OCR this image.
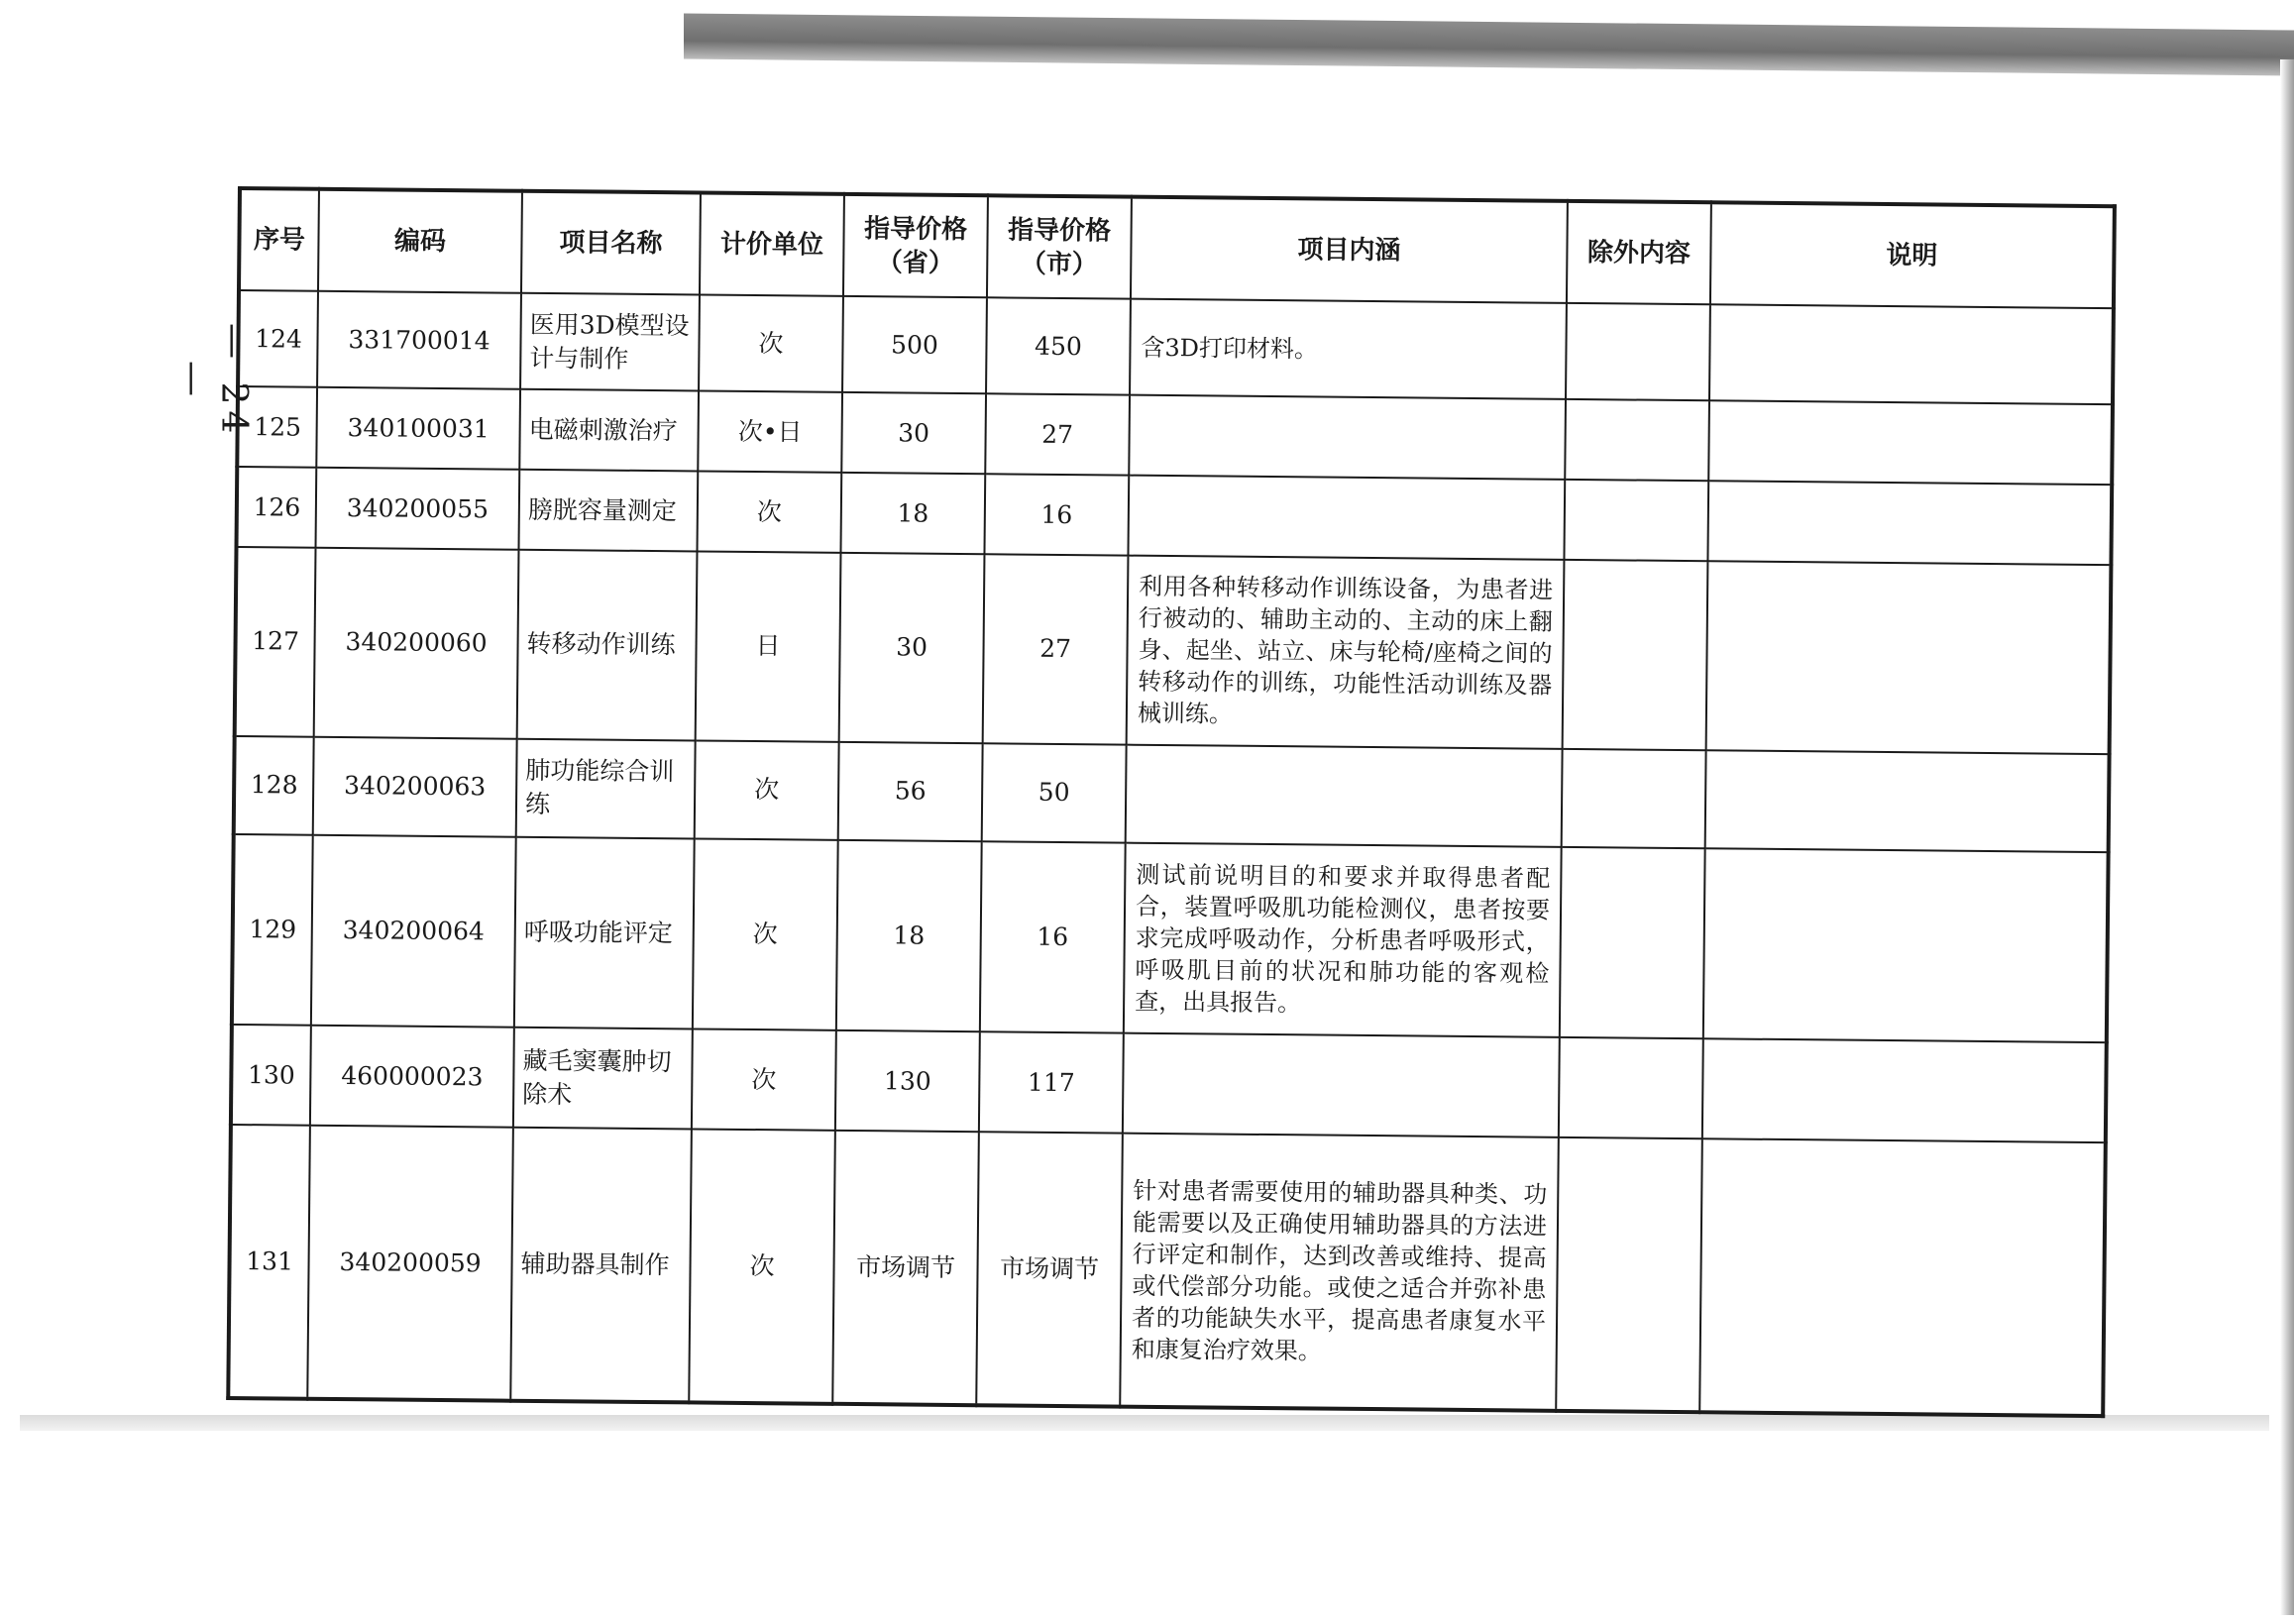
— 24 —
序号	编码	项目名称	计价单位	指导价格（省）	指导价格（市）	项目内涵	除外内容	说明
124	331700014	医用3D模型设计与制作	次	500	450	含3D打印材料。		
125	340100031	电磁刺激治疗	次•日	30	27			
126	340200055	膀胱容量测定	次	18	16			
127	340200060	转移动作训练	日	30	27	利用各种转移动作训练设备，为患者进行被动的、辅助主动的、主动的床上翻身、起坐、站立、床与轮椅/座椅之间的转移动作的训练，功能性活动训练及器械训练。		
128	340200063	肺功能综合训练	次	56	50			
129	340200064	呼吸功能评定	次	18	16	测试前说明目的和要求并取得患者配合，装置呼吸肌功能检测仪，患者按要求完成呼吸动作，分析患者呼吸形式，呼吸肌目前的状况和肺功能的客观检查，出具报告。		
130	460000023	藏毛窦囊肿切除术	次	130	117			
131	340200059	辅助器具制作	次	市场调节	市场调节	针对患者需要使用的辅助器具种类、功能需要以及正确使用辅助器具的方法进行评定和制作，达到改善或维持、提高或代偿部分功能。或使之适合并弥补患者的功能缺失水平，提高患者康复水平和康复治疗效果。		
